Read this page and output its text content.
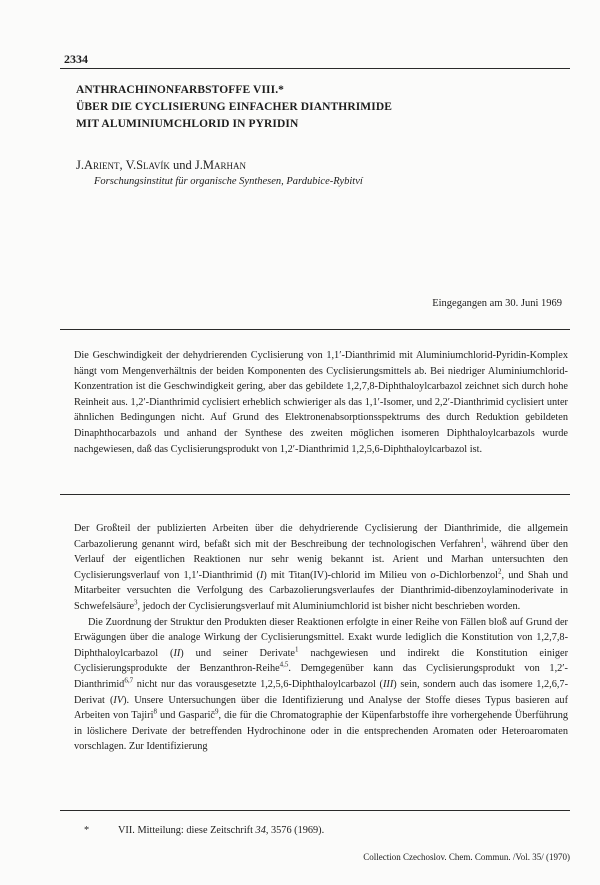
2334
ANTHRACHINONFARBSTOFFE VIII.*
ÜBER DIE CYCLISIERUNG EINFACHER DIANTHRIMIDE
MIT ALUMINIUMCHLORID IN PYRIDIN
J.Arient, V.Slavík und J.Marhan
Forschungsinstitut für organische Synthesen, Pardubice-Rybitví
Eingegangen am 30. Juni 1969
Die Geschwindigkeit der dehydrierenden Cyclisierung von 1,1′-Dianthrimid mit Aluminiumchlorid-Pyridin-Komplex hängt vom Mengenverhältnis der beiden Komponenten des Cyclisierungsmittels ab. Bei niedriger Aluminiumchlorid-Konzentration ist die Geschwindigkeit gering, aber das gebildete 1,2,7,8-Diphthaloylcarbazol zeichnet sich durch hohe Reinheit aus. 1,2′-Dianthrimid cyclisiert erheblich schwieriger als das 1,1′-Isomer, und 2,2′-Dianthrimid cyclisiert unter ähnlichen Bedingungen nicht. Auf Grund des Elektronenabsorptionsspektrums des durch Reduktion gebildeten Dinaphthocarbazols und anhand der Synthese des zweiten möglichen isomeren Diphthaloylcarbazols wurde nachgewiesen, daß das Cyclisierungsprodukt von 1,2′-Dianthrimid 1,2,5,6-Diphthaloylcarbazol ist.

Der Großteil der publizierten Arbeiten über die dehydrierende Cyclisierung der Dianthrimide, die allgemein Carbazolierung genannt wird, befaßt sich mit der Beschreibung der technologischen Verfahren$^1$, während über den Verlauf der eigentlichen Reaktionen nur sehr wenig bekannt ist. Arient und Marhan untersuchten den Cyclisierungsverlauf von 1,1′-Dianthrimid (I) mit Titan(IV)-chlorid im Milieu von o-Dichlorbenzol$^2$, und Shah und Mitarbeiter versuchten die Verfolgung des Carbazolierungsverlaufes der Dianthrimid-dibenzoylaminoderivate in Schwefelsäure$^3$, jedoch der Cyclisierungsverlauf mit Aluminiumchlorid ist bisher nicht beschrieben worden.

Die Zuordnung der Struktur den Produkten dieser Reaktionen erfolgte in einer Reihe von Fällen bloß auf Grund der Erwägungen über die analoge Wirkung der Cyclisierungsmittel. Exakt wurde lediglich die Konstitution von 1,2,7,8-Diphthaloylcarbazol (II) und seiner Derivate$^1$ nachgewiesen und indirekt die Konstitution einiger Cyclisierungsprodukte der Benzanthron-Reihe$^{4,5}$. Demgegenüber kann das Cyclisierungsprodukt von 1,2′-Dianthrimid$^{6,7}$ nicht nur das vorausgesetzte 1,2,5,6-Diphthaloylcarbazol (III) sein, sondern auch das isomere 1,2,6,7-Derivat (IV). Unsere Untersuchungen über die Identifizierung und Analyse der Stoffe dieses Typus basieren auf Arbeiten von Tajiri$^8$ und Gasparič$^9$, die für die Chromatographie der Küpenfarbstoffe ihre vorhergehende Überführung in löslichere Derivate der betreffenden Hydrochinone oder in die entsprechenden Aromaten oder Heteroaromaten vorschlagen. Zur Identifizierung

*	VII. Mitteilung: diese Zeitschrift 34, 3576 (1969).
Collection Czechoslov. Chem. Commun. /Vol. 35/ (1970)
